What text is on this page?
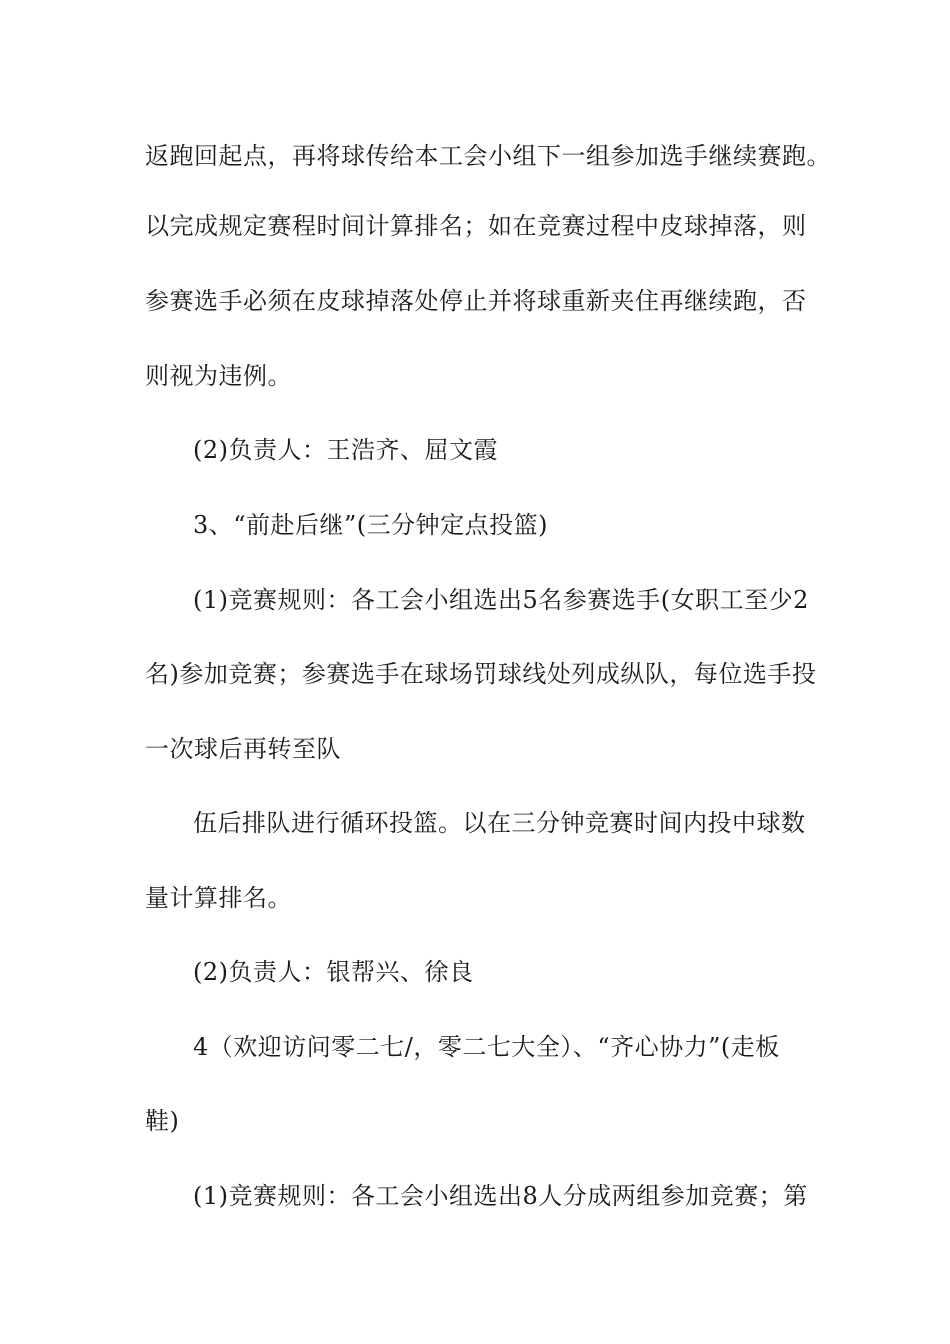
返跑回起点，再将球传给本工会小组下一组参加选手继续赛跑。
以完成规定赛程时间计算排名；如在竞赛过程中皮球掉落，则
参赛选手必须在皮球掉落处停止并将球重新夹住再继续跑，否
则视为违例。
(2)负责人：王浩齐、屈文霞
3、“前赴后继”(三分钟定点投篮)
(1)竞赛规则：各工会小组选出5名参赛选手(女职工至少2
名)参加竞赛；参赛选手在球场罚球线处列成纵队，每位选手投
一次球后再转至队
伍后排队进行循环投篮。以在三分钟竞赛时间内投中球数
量计算排名。
(2)负责人：银帮兴、徐良
4（欢迎访问零二七/，零二七大全）、“齐心协力”(走板
鞋)
(1)竞赛规则：各工会小组选出8人分成两组参加竞赛；第
